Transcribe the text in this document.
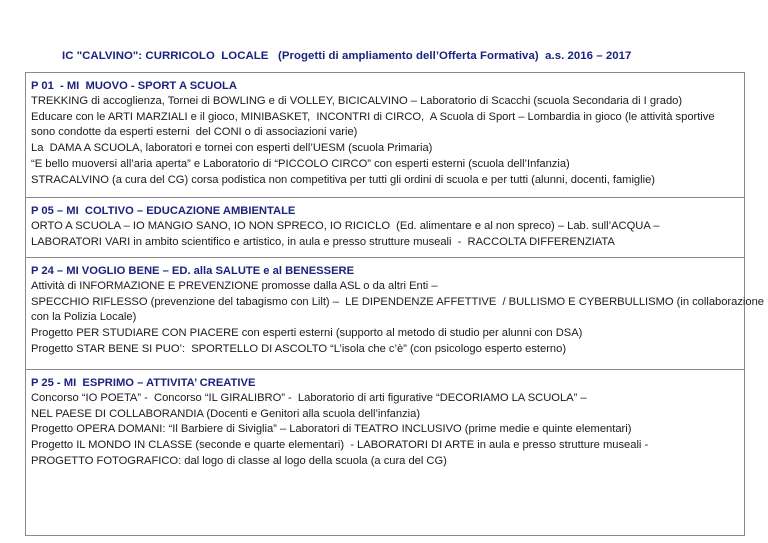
IC "CALVINO": CURRICOLO  LOCALE   (Progetti di ampliamento dell’Offerta Formativa)  a.s. 2016 – 2017
P 01  - MI  MUOVO - SPORT A SCUOLA
TREKKING di accoglienza, Tornei di BOWLING e di VOLLEY, BICICALVINO – Laboratorio di Scacchi (scuola Secondaria di I grado)
Educare con le ARTI MARZIALI e il gioco, MINIBASKET,  INCONTRI di CIRCO,  A Scuola di Sport – Lombardia in gioco (le attività sportive
sono condotte da esperti esterni  del CONI o di associazioni varie)
La  DAMA A SCUOLA, laboratori e tornei con esperti dell’UESM (scuola Primaria)
“E bello muoversi all’aria aperta” e Laboratorio di “PICCOLO CIRCO” con esperti esterni (scuola dell’Infanzia)
STRACALVINO (a cura del CG) corsa podistica non competitiva per tutti gli ordini di scuola e per tutti (alunni, docenti, famiglie)
P 05 – MI  COLTIVO – EDUCAZIONE AMBIENTALE
ORTO A SCUOLA – IO MANGIO SANO, IO NON SPRECO, IO RICICLO  (Ed. alimentare e al non spreco) – Lab. sull’ACQUA –
LABORATORI VARI in ambito scientifico e artistico, in aula e presso strutture museali  -  RACCOLTA DIFFERENZIATA
P 24 – MI VOGLIO BENE – ED. alla SALUTE e al BENESSERE
Attività di INFORMAZIONE E PREVENZIONE promosse dalla ASL o da altri Enti –
SPECCHIO RIFLESSO (prevenzione del tabagismo con Lilt) –  LE DIPENDENZE AFFETTIVE  / BULLISMO E CYBERBULLISMO (in collaborazione
con la Polizia Locale)
Progetto PER STUDIARE CON PIACERE con esperti esterni (supporto al metodo di studio per alunni con DSA)
Progetto STAR BENE SI PUO’:  SPORTELLO DI ASCOLTO “L’isola che c’è” (con psicologo esperto esterno)
P 25 - MI  ESPRIMO – ATTIVITA’ CREATIVE
Concorso “IO POETA” -  Concorso “IL GIRALIBRO” -  Laboratorio di arti figurative “DECORIAMO LA SCUOLA” –
NEL PAESE DI COLLABORANDIA (Docenti e Genitori alla scuola dell’infanzia)
Progetto OPERA DOMANI: “Il Barbiere di Siviglia” – Laboratori di TEATRO INCLUSIVO (prime medie e quinte elementari)
Progetto IL MONDO IN CLASSE (seconde e quarte elementari)  - LABORATORI DI ARTE in aula e presso strutture museali -
PROGETTO FOTOGRAFICO: dal logo di classe al logo della scuola (a cura del CG)
